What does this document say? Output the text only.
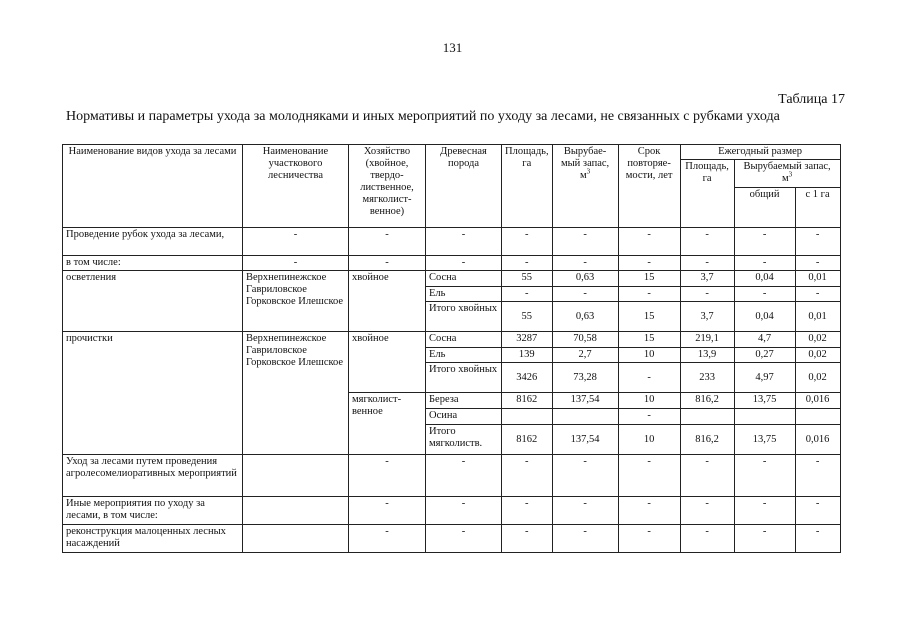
131
Таблица 17
Нормативы и параметры ухода за молодняками и иных мероприятий по уходу за лесами, не связанных с рубками ухода
Наименование видов ухода за лесами	Наименование участкового лесничества	Хозяйство (хвойное, твердо-лиственное, мягколист-венное)	Древесная порода	Площадь, га	Вырубае-мый запас, $м^3$	Срок повторяе-мости, лет	Ежегодный размер		
							Площадь, га	Вырубаемый запас, $м^3$
								общий	с 1 га
Проведение рубок ухода за лесами,	-	-	-	-	-	-	-	-	-
в том числе:	-	-	-	-	-	-	-	-	-
осветления	Верхнепинежское Гавриловское Горковское Илешское	хвойное	Сосна	55	0,63	15	3,7	0,04	0,01
			Ель	-	-	-	-	-	-
			Итого хвойных	55	0,63	15	3,7	0,04	0,01
прочистки	Верхнепинежское Гавриловское Горковское Илешское	хвойное	Сосна	3287	70,58	15	219,1	4,7	0,02
			Ель	139	2,7	10	13,9	0,27	0,02
			Итого хвойных	3426	73,28	-	233	4,97	0,02
		мягколист-венное	Береза	8162	137,54	10	816,2	13,75	0,016
			Осина			-			
			Итого мягколиств.	8162	137,54	10	816,2	13,75	0,016
Уход за лесами путем проведения агролесомелиоративных мероприятий		-	-	-	-	-	-	-	-
Иные мероприятия по уходу за лесами, в том числе:		-	-	-	-	-	-	-	-
реконструкция малоценных лесных насаждений		-	-	-	-	-	-	-	-
